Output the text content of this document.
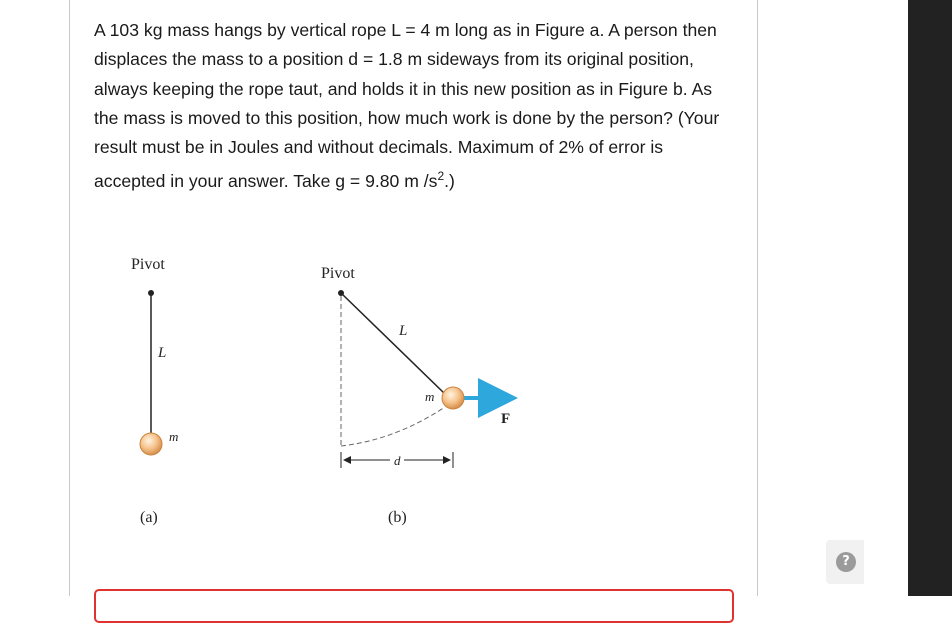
A 103 kg mass hangs by vertical rope L = 4 m long as in Figure a. A person then displaces the mass to a position d = 1.8 m sideways from its original position, always keeping the rope taut, and holds it in this new position as in Figure b. As the mass is moved to this position, how much work is done by the person? (Your result must be in Joules and without decimals. Maximum of 2% of error is accepted in your answer. Take g = 9.80 m $/s^2$.)

Pivot
L
m
(a)
Pivot
L
m
F
d
(b)
?
